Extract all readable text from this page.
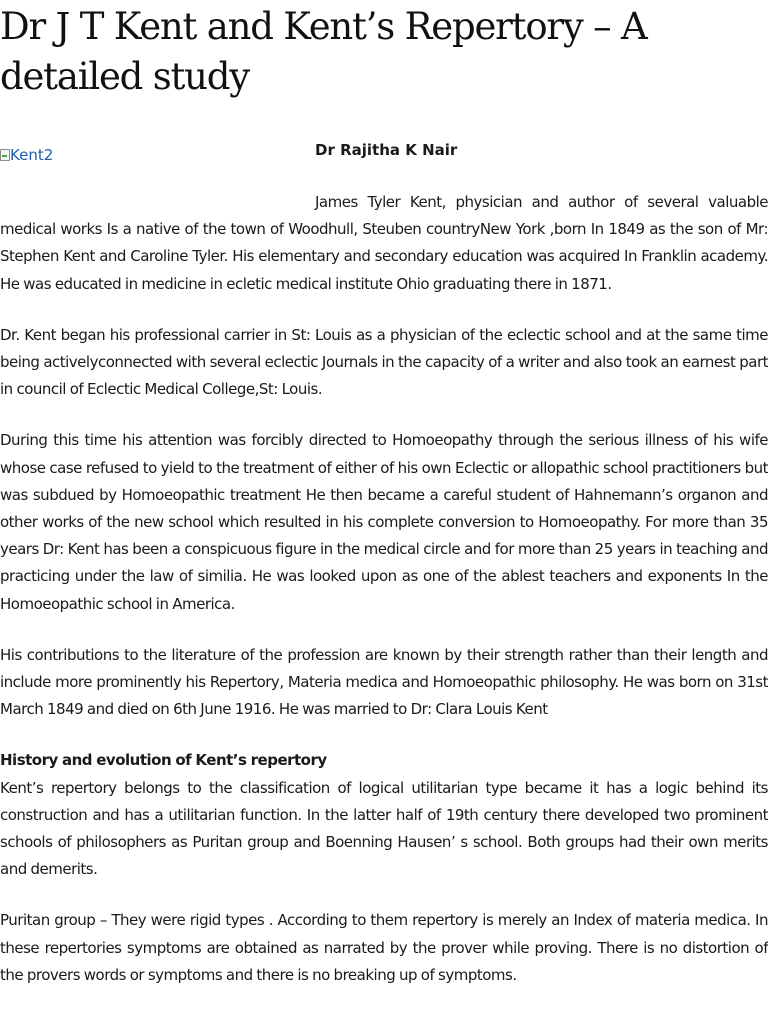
Dr J T Kent and Kent’s Repertory – A detailed study
Kent2	Dr Rajitha K Nair

James Tyler Kent, physician and author of several valuable medical works Is a native of the town of Woodhull, Steuben countryNew York ,born In 1849 as the son of Mr: Stephen Kent and Caroline Tyler. His elementary and secondary education was acquired In Franklin academy. He was educated in medicine in ecletic medical institute Ohio graduating there in 1871.

Dr. Kent began his professional carrier in St: Louis as a physician of the eclectic school and at the same time being activelyconnected with several eclectic Journals in the capacity of a writer and also took an earnest part in council of Eclectic Medical College,St: Louis.

During this time his attention was forcibly directed to Homoeopathy through the serious illness of his wife whose case refused to yield to the treatment of either of his own Eclectic or allopathic school practitioners but was subdued by Homoeopathic treatment He then became a careful student of Hahnemann’s organon and other works of the new school which resulted in his complete conversion to Homoeopathy. For more than 35 years Dr: Kent has been a conspicuous figure in the medical circle and for more than 25 years in teaching and practicing under the law of similia. He was looked upon as one of the ablest teachers and exponents In the Homoeopathic school in America.

His contributions to the literature of the profession are known by their strength rather than their length and include more prominently his Repertory, Materia medica and Homoeopathic philosophy. He was born on 31st March 1849 and died on 6th June 1916. He was married to Dr: Clara Louis Kent

History and evolution of Kent’s repertory

Kent’s repertory belongs to the classification of logical utilitarian type became it has a logic behind its construction and has a utilitarian function. In the latter half of 19th century there developed two prominent schools of philosophers as Puritan group and Boenning Hausen’ s school. Both groups had their own merits and demerits.

Puritan group – They were rigid types . According to them repertory is merely an Index of materia medica. In these repertories symptoms are obtained as narrated by the prover while proving. There is no distortion of the provers words or symptoms and there is no breaking up of symptoms.
